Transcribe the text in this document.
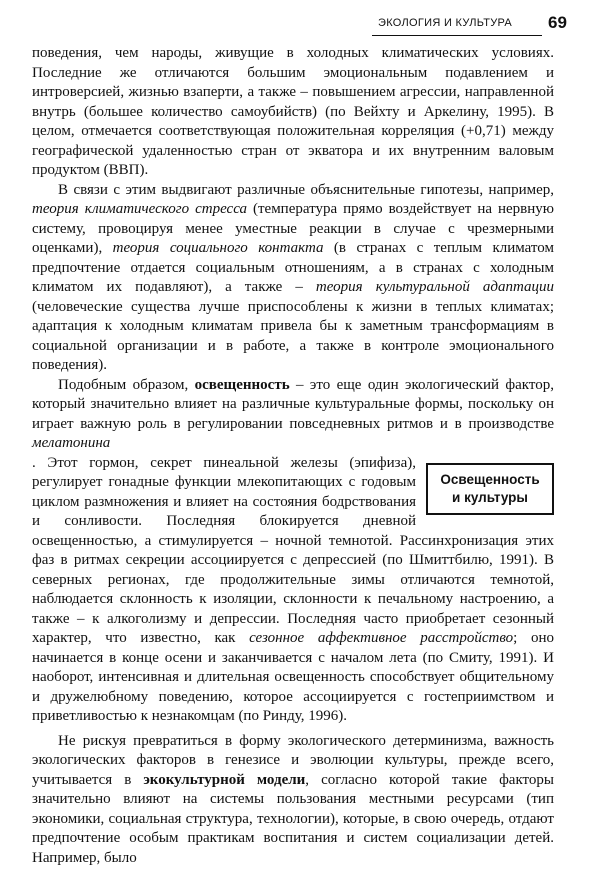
ЭКОЛОГИЯ И КУЛЬТУРА 69

поведения, чем народы, живущие в холодных климатических условиях. Последние же отличаются большим эмоциональным подавлением и интроверсией, жизнью взаперти, а также – повышением агрессии, направленной внутрь (большее количество самоубийств) (по Вейхту и Аркелину, 1995). В целом, отмечается соответствующая положительная корреляция (+0,71) между географической удаленностью стран от экватора и их внутренним валовым продуктом (ВВП).

В связи с этим выдвигают различные объяснительные гипотезы, например, теория климатического стресса (температура прямо воздействует на нервную систему, провоцируя менее уместные реакции в случае с чрезмерными оценками), теория социального контакта (в странах с теплым климатом предпочтение отдается социальным отношениям, а в странах с холодным климатом их подавляют), а также – теория культуральной адаптации (человеческие существа лучше приспособлены к жизни в теплых климатах; адаптация к холодным климатам привела бы к заметным трансформациям в социальной организации и в работе, а также в контроле эмоционального поведения).

Подобным образом, освещенность – это еще один экологический фактор, который значительно влияет на различные культуральные формы, поскольку он играет важную роль в регулировании повседневных ритмов и в производстве мелатонина

Освещенность
и культуры
. Этот гормон, секрет пинеальной железы (эпифиза), регулирует гонадные функции млекопитающих с годовым циклом размножения и влияет на состояния бодрствования и сонливости. Последняя блокируется дневной освещенностью, а стимулируется – ночной темнотой. Рассинхронизация этих фаз в ритмах секреции ассоциируется с депрессией (по Шмиттбилю, 1991). В северных регионах, где продолжительные зимы отличаются темнотой, наблюдается склонность к изоляции, склонности к печальному настроению, а также – к алкоголизму и депрессии. Последняя часто приобретает сезонный характер, что известно, как сезонное аффективное расстройство; оно начинается в конце осени и заканчивается с началом лета (по Смиту, 1991). И наоборот, интенсивная и длительная освещенность способствует общительному и дружелюбному поведению, которое ассоциируется с гостеприимством и приветливостью к незнакомцам (по Ринду, 1996).

Не рискуя превратиться в форму экологического детерминизма, важность экологических факторов в генезисе и эволюции культуры, прежде всего, учитывается в экокультурной модели, согласно которой такие факторы значительно влияют на системы пользования местными ресурсами (тип экономики, социальная структура, технологии), которые, в свою очередь, отдают предпочтение особым практикам воспитания и систем социализации детей. Например, было
